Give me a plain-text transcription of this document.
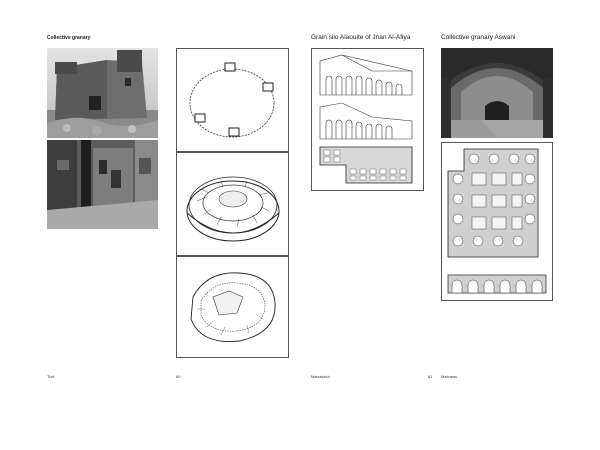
Collective granary
Tizit	60
Grain silo Alaouite of Jnan Al-Afiya	Collective granary Aswani
Marrakech	61 Mekness
